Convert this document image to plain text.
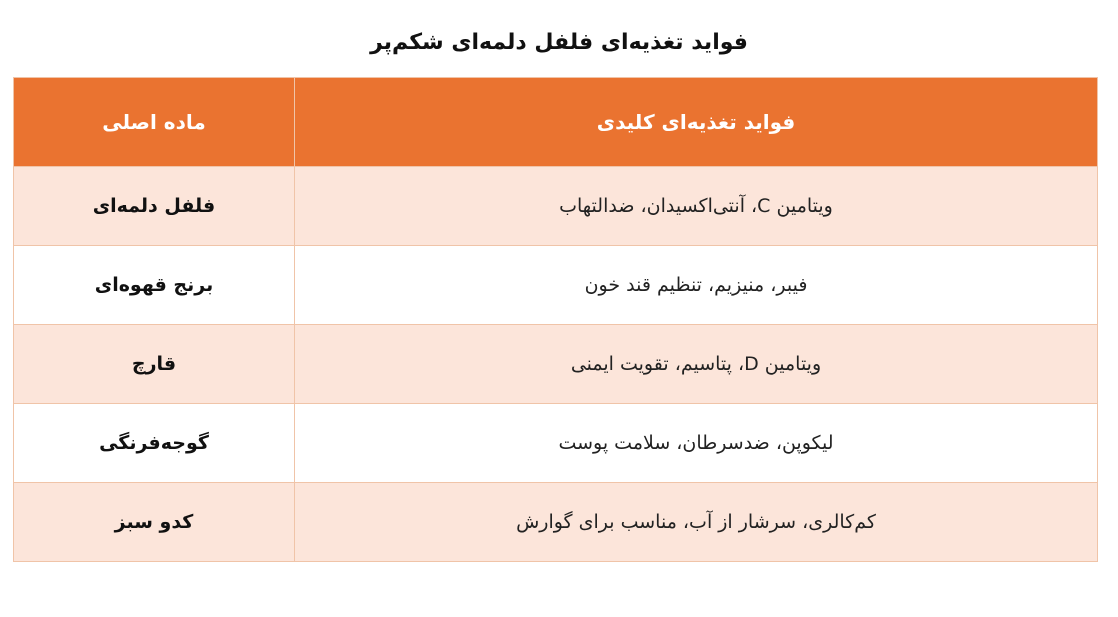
فواید تغذیه‌ای فلفل دلمه‌ای شکم‌پر
فواید تغذیه‌ای کلیدی	ماده اصلی
ویتامین C، آنتی‌اکسیدان، ضدالتهاب	فلفل دلمه‌ای
فیبر، منیزیم، تنظیم قند خون	برنج قهوه‌ای
ویتامین D، پتاسیم، تقویت ایمنی	قارچ
لیکوپن، ضدسرطان، سلامت پوست	گوجه‌فرنگی
کم‌کالری، سرشار از آب، مناسب برای گوارش	کدو سبز
